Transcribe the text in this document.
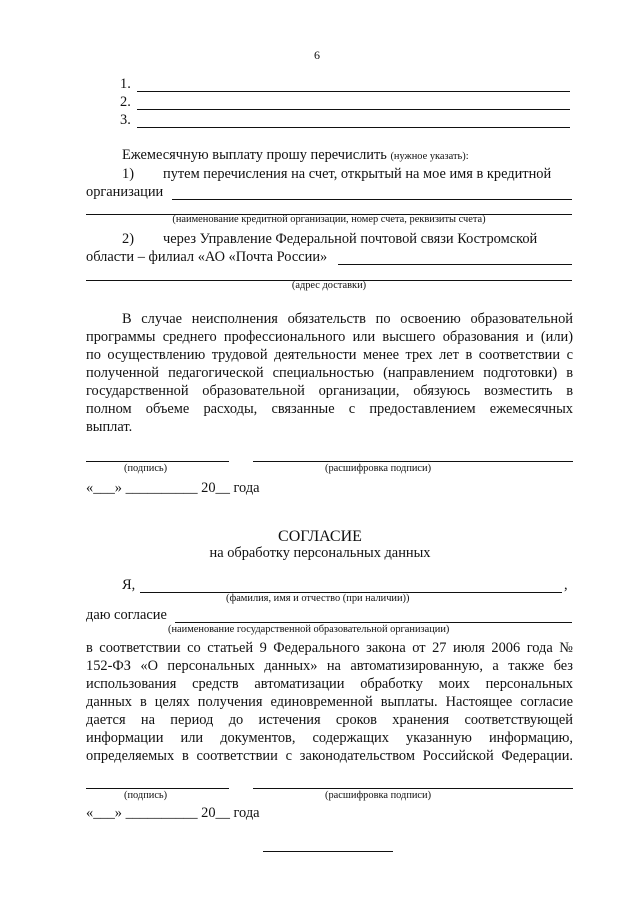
6
1.
2.
3.
Ежемесячную выплату прошу перечислить (нужное указать):
1) путем перечисления на счет, открытый на мое имя в кредитной
организации
(наименование кредитной организации, номер счета, реквизиты счета)
2) через Управление Федеральной почтовой связи Костромской
области – филиал «АО «Почта России»
(адрес доставки)
В случае неисполнения обязательств по освоению образовательной
программы среднего профессионального или высшего образования и (или)
по осуществлению трудовой деятельности менее трех лет в соответствии с
полученной педагогической специальностью (направлением подготовки) в
государственной образовательной организации, обязуюсь возместить в
полном объеме расходы, связанные с предоставлением ежемесячных
выплат.
(подпись)	(расшифровка подписи)
«___» __________ 20__ года
СОГЛАСИЕ
на обработку персональных данных
Я,	,
(фамилия, имя и отчество (при наличии))
даю согласие
(наименование государственной образовательной организации)
в соответствии со статьей 9 Федерального закона от 27 июля 2006 года №
152-ФЗ «О персональных данных» на автоматизированную, а также без
использования средств автоматизации обработку моих персональных
данных в целях получения единовременной выплаты. Настоящее согласие
дается на период до истечения сроков хранения соответствующей
информации или документов, содержащих указанную информацию,
определяемых в соответствии с законодательством Российской Федерации.
(подпись)	(расшифровка подписи)
«___» __________ 20__ года
